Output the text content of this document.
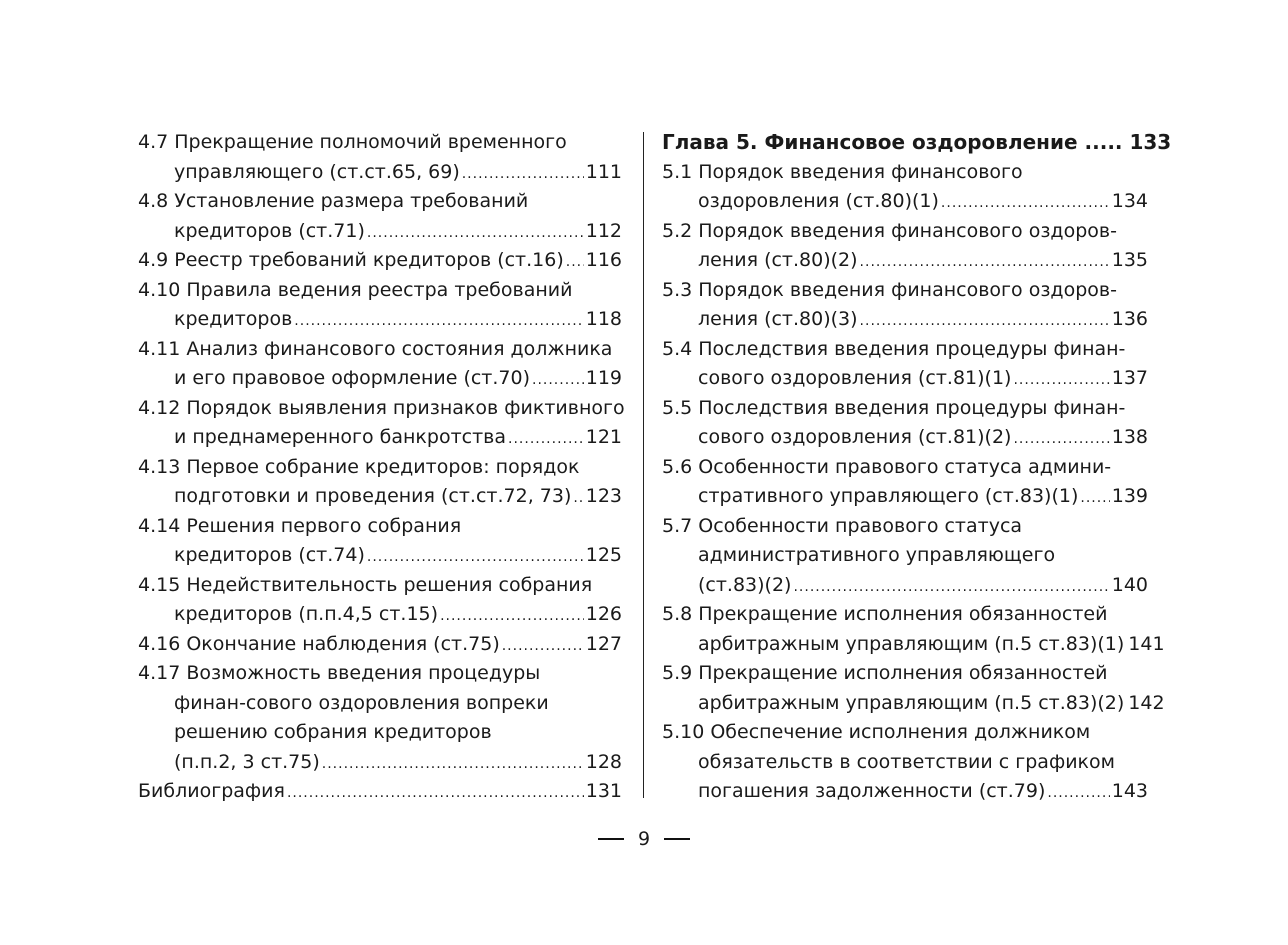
4.7 Прекращение полномочий временного
управляющего (ст.ст.65, 69) .....	111
4.8 Установление размера требований
кредиторов (ст.71) .....	112
4.9 Реестр требований кредиторов (ст.16) ..... 116
4.10 Правила ведения реестра требований
кредиторов .....	118
4.11 Анализ финансового состояния должника
и его правовое оформление (ст.70) .....	119
4.12 Порядок выявления признаков фиктивного
и преднамеренного банкротства .....	121
4.13 Первое собрание кредиторов: порядок
подготовки и проведения (ст.ст.72, 73) ..... 123
4.14 Решения первого собрания
кредиторов (ст.74) .....	125
4.15 Недействительность решения собрания
кредиторов (п.п.4,5 ст.15) .....	126
4.16 Окончание наблюдения (ст.75) .....	127
4.17 Возможность введения процедуры
финан-сового оздоровления вопреки
решению собрания кредиторов
(п.п.2, 3 ст.75) .....	128
Библиография .....	131
Глава 5. Финансовое оздоровление ..... 133
5.1 Порядок введения финансового
оздоровления (ст.80)(1) .....	134
5.2 Порядок введения финансового оздоров-
ления (ст.80)(2) .....	135
5.3 Порядок введения финансового оздоров-
ления (ст.80)(3) .....	136
5.4 Последствия введения процедуры финан-
сового оздоровления (ст.81)(1) .....	137
5.5 Последствия введения процедуры финан-
сового оздоровления (ст.81)(2) .....	138
5.6 Особенности правового статуса админи-
стративного управляющего (ст.83)(1) ..... 139
5.7 Особенности правового статуса
административного управляющего
(ст.83)(2) .....	140
5.8 Прекращение исполнения обязанностей
арбитражным управляющим (п.5 ст.83)(1) 141
5.9 Прекращение исполнения обязанностей
арбитражным управляющим (п.5 ст.83)(2) 142
5.10 Обеспечение исполнения должником
обязательств в соответствии с графиком
погашения задолженности (ст.79) .....	143
9
